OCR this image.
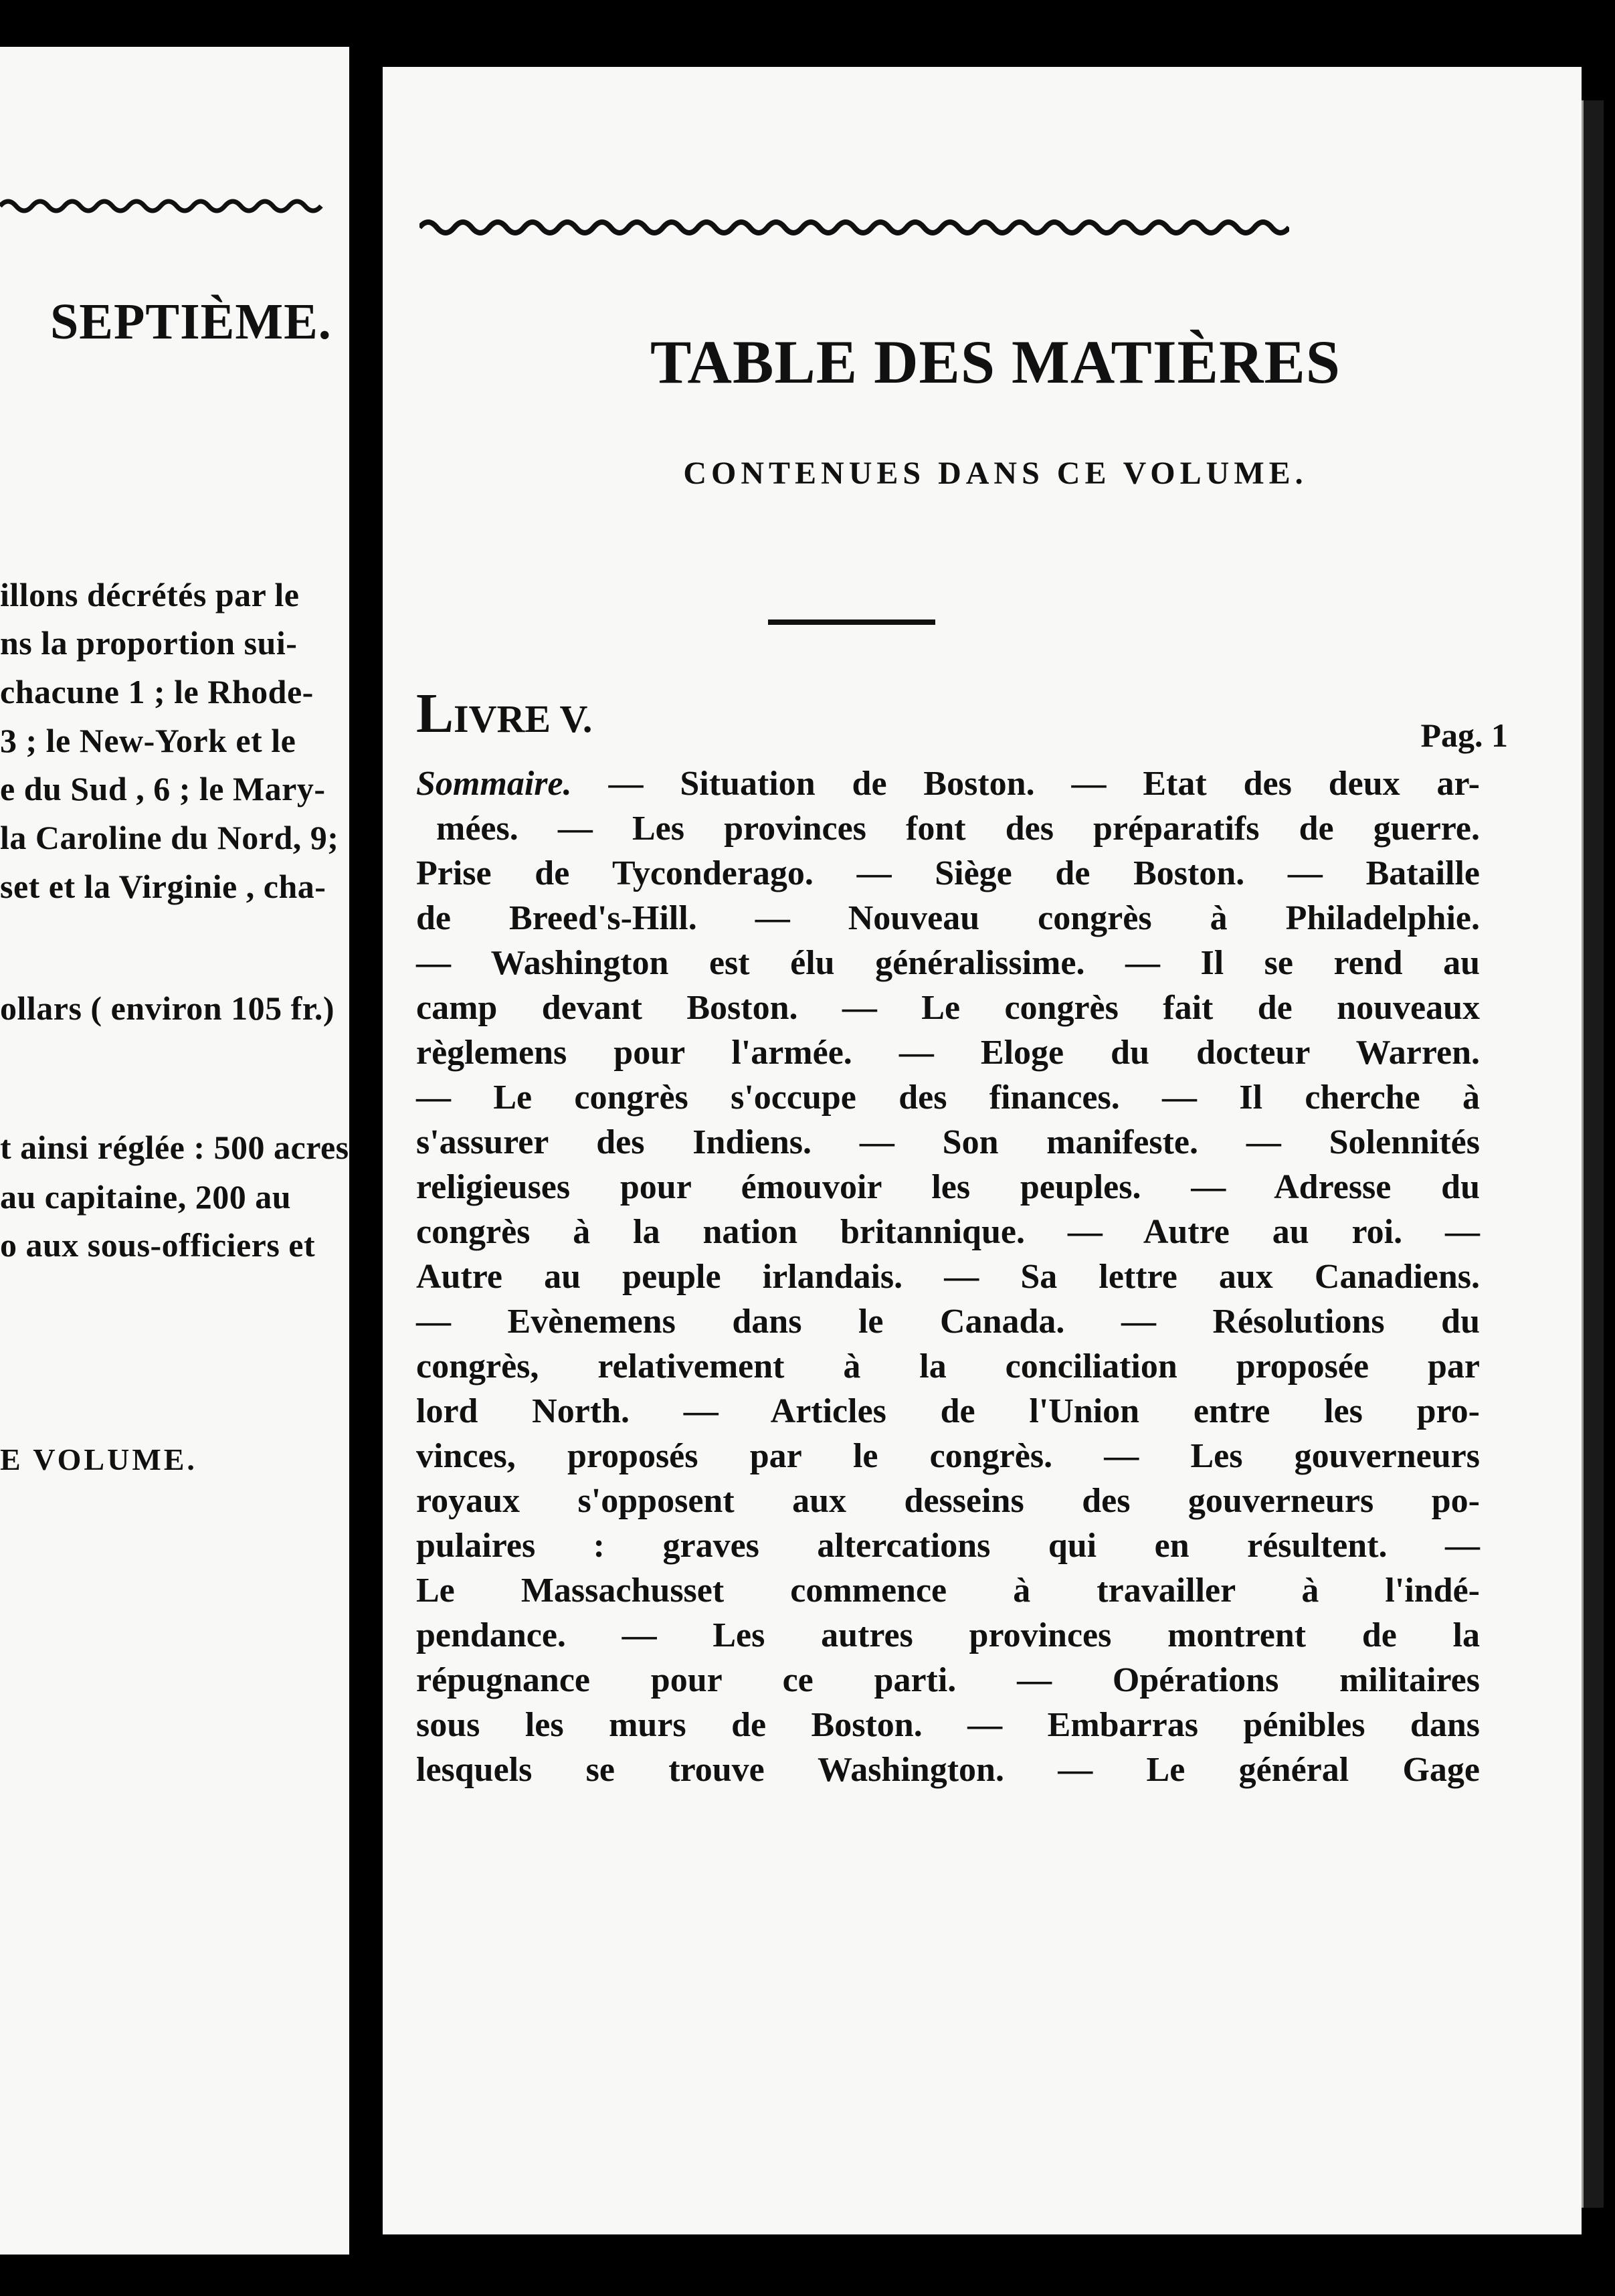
SEPTIÈME.
illons décrétés par le
ns la proportion sui-
chacune 1 ; le Rhode-
3 ; le New-York et le
e du Sud , 6 ; le Mary-
la Caroline du Nord, 9;
set et la Virginie , cha-
ollars ( environ 105 fr.)
t ainsi réglée : 500 acres
au capitaine, 200 au
o aux sous-officiers et
E VOLUME.
TABLE DES MATIÈRES
CONTENUES DANS CE VOLUME.
LIVRE V.	Pag. 1
Sommaire. — Situation de Boston. — Etat des deux ar-
mées. — Les provinces font des préparatifs de guerre.
Prise de Tyconderago. — Siège de Boston. — Bataille
de Breed's-Hill. — Nouveau congrès à Philadelphie.
— Washington est élu généralissime. — Il se rend au
camp devant Boston. — Le congrès fait de nouveaux
règlemens pour l'armée. — Eloge du docteur Warren.
— Le congrès s'occupe des finances. — Il cherche à
s'assurer des Indiens. — Son manifeste. — Solennités
religieuses pour émouvoir les peuples. — Adresse du
congrès à la nation britannique. — Autre au roi. —
Autre au peuple irlandais. — Sa lettre aux Canadiens.
— Evènemens dans le Canada. — Résolutions du
congrès, relativement à la conciliation proposée par
lord North. — Articles de l'Union entre les pro-
vinces, proposés par le congrès. — Les gouverneurs
royaux s'opposent aux desseins des gouverneurs po-
pulaires : graves altercations qui en résultent. —
Le Massachusset commence à travailler à l'indé-
pendance. — Les autres provinces montrent de la
répugnance pour ce parti. — Opérations militaires
sous les murs de Boston. — Embarras pénibles dans
lesquels se trouve Washington. — Le général Gage
